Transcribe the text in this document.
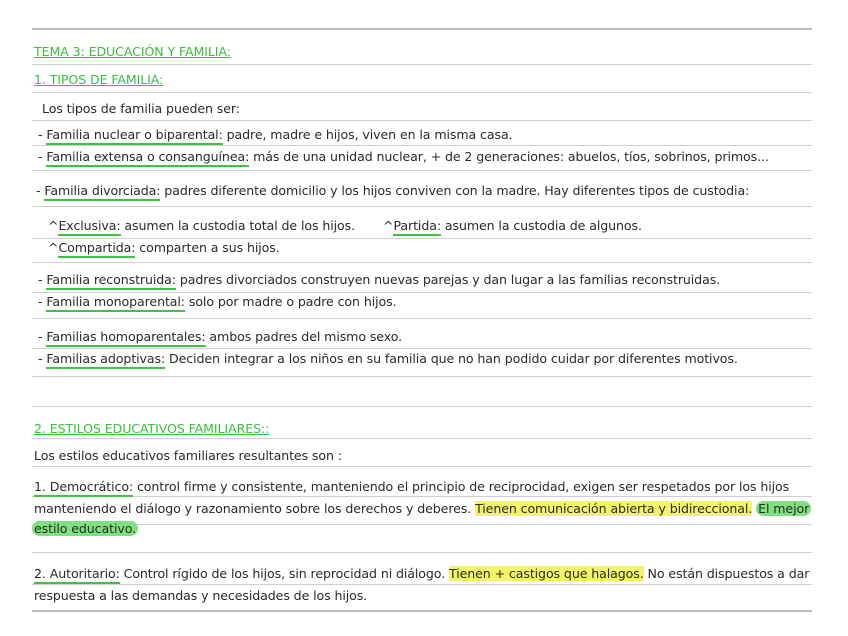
TEMA 3: EDUCACIÓN Y FAMILIA:
1. TIPOS DE FAMILIA:
Los tipos de familia pueden ser:
- Familia nuclear o biparental: padre, madre e hijos, viven en la misma casa.
- Familia extensa o consanguínea: más de una unidad nuclear, + de 2 generaciones: abuelos, tíos, sobrinos, primos...
- Familia divorciada: padres diferente domicilio y los hijos conviven con la madre. Hay diferentes tipos de custodia:
^Exclusiva: asumen la custodia total de los hijos. ^Partida: asumen la custodia de algunos.
^Compartida: comparten a sus hijos.
- Familia reconstruida: padres divorciados construyen nuevas parejas y dan lugar a las familias reconstruidas.
- Familia monoparental: solo por madre o padre con hijos.
- Familias homoparentales: ambos padres del mismo sexo.
- Familias adoptivas: Deciden integrar a los niños en su familia que no han podido cuidar por diferentes motivos.
2. ESTILOS EDUCATIVOS FAMILIARES::
Los estilos educativos familiares resultantes son :
1. Democrático: control firme y consistente, manteniendo el principio de reciprocidad, exigen ser respetados por los hijos
manteniendo el diálogo y razonamiento sobre los derechos y deberes. Tienen comunicación abierta y bidireccional. El mejor
estilo educativo.
2. Autoritario: Control rígido de los hijos, sin reprocidad ni diálogo. Tienen + castigos que halagos. No están dispuestos a dar
respuesta a las demandas y necesidades de los hijos.
